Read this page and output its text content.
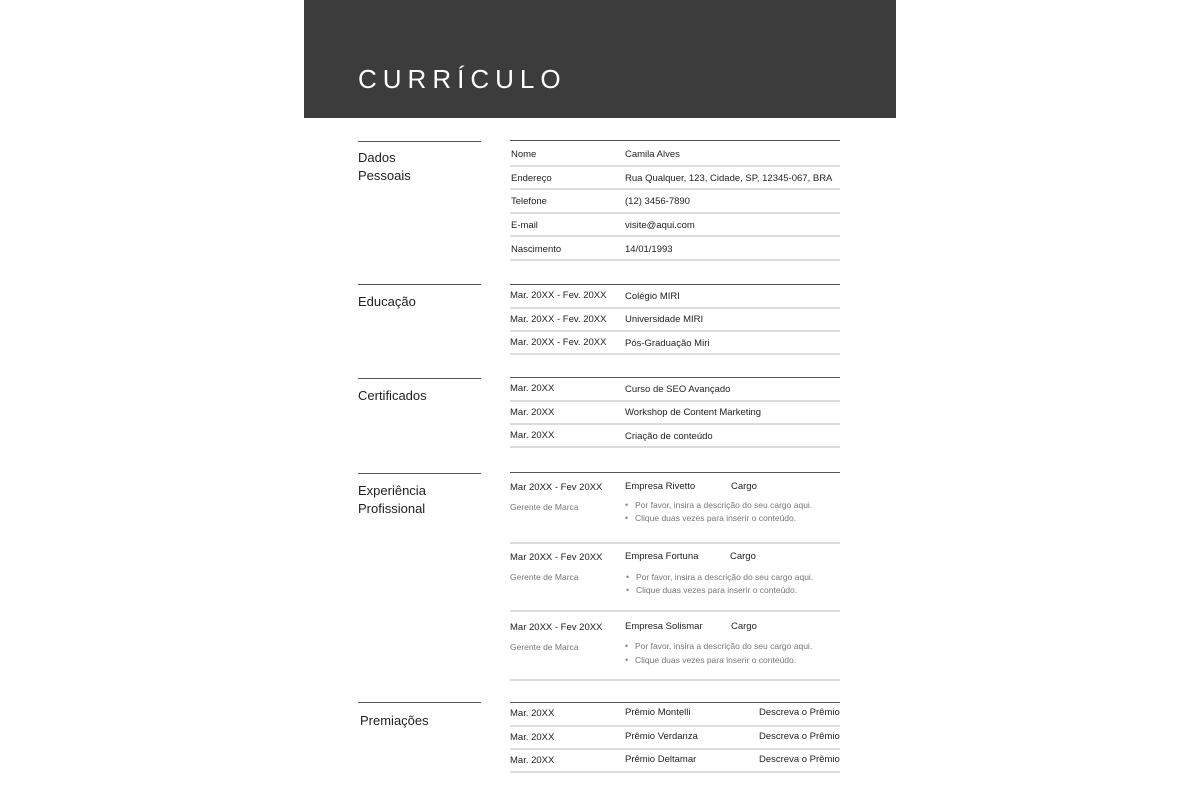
CURRÍCULO
Dados
Pessoais
Nome	Camila Alves
Endereço	Rua Qualquer, 123, Cidade, SP, 12345-067, BRA
Telefone	(12) 3456-7890
E-mail	visite@aqui.com
Nascimento	14/01/1993
Educação	Mar. 20XX - Fev. 20XX Colégio MIRI
Mar. 20XX - Fev. 20XX Universidade MIRI
Mar. 20XX - Fev. 20XX Pós-Graduação Miri
Certificados	Mar. 20XX	Curso de SEO Avançado
Mar. 20XX	Workshop de Content Marketing
Mar. 20XX	Criação de conteúdo
Experiência
Profissional
Mar 20XX - Fev 20XX
Gerente de Marca
Empresa Rivetto	Cargo
• Por favor, insira a descrição do seu cargo aqui.
• Clique duas vezes para inserir o conteúdo.
Mar 20XX - Fev 20XX
Gerente de Marca
Empresa Fortuna	Cargo
• Por favor, insira a descrição do seu cargo aqui.
• Clique duas vezes para inserir o conteúdo.
Mar 20XX - Fev 20XX
Gerente de Marca
Empresa Solismar	Cargo
• Por favor, insira a descrição do seu cargo aqui.
• Clique duas vezes para inserir o conteúdo.
Premiações	Mar. 20XX	Prêmio Montelli	Descreva o Prêmio
Mar. 20XX	Prêmio Verdanza	Descreva o Prêmio
Mar. 20XX	Prêmio Deltamar	Descreva o Prêmio
